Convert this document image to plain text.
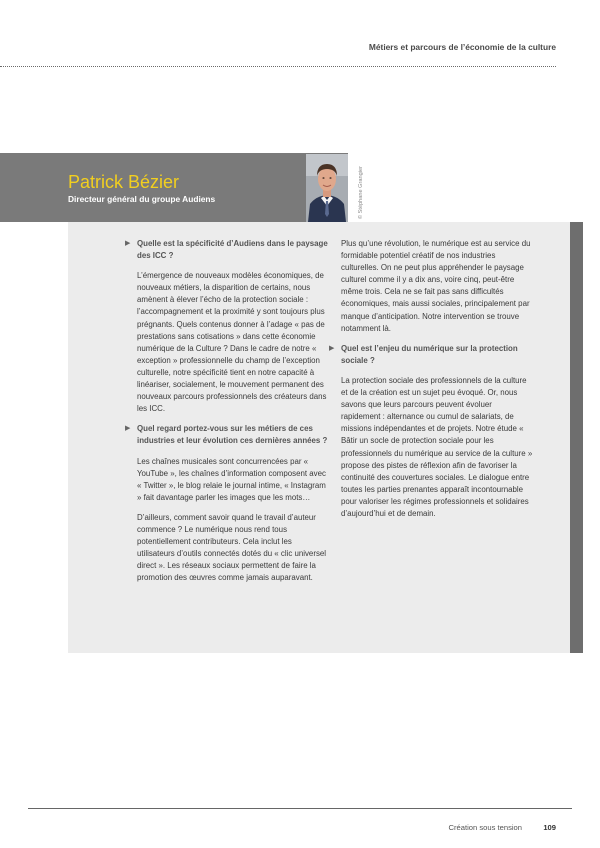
Métiers et parcours de l’économie de la culture
Patrick Bézier
Directeur général du groupe Audiens	© Stéphane Grangier
▶ Quelle est la spécificité d’Audiens dans le paysage des ICC ?

L’émergence de nouveaux modèles économiques, de nouveaux métiers, la disparition de certains, nous amènent à élever l’écho de la protection sociale : l’accompagnement et la proximité y sont toujours plus prégnants. Quels contenus donner à l’adage « pas de prestations sans cotisations » dans cette économie numérique de la Culture ? Dans le cadre de notre « exception » professionnelle du champ de l’exception culturelle, notre spécificité tient en notre capacité à linéariser, socialement, le mouvement permanent des nouveaux parcours professionnels des créateurs dans les ICC.

▶ Quel regard portez-vous sur les métiers de ces industries et leur évolution ces dernières années ?

Les chaînes musicales sont concurrencées par « YouTube », les chaînes d’information composent avec « Twitter », le blog relaie le journal intime, « Instagram » fait davantage parler les images que les mots…

D’ailleurs, comment savoir quand le travail d’auteur commence ? Le numérique nous rend tous potentiellement contributeurs. Cela inclut les utilisateurs d’outils connectés dotés du « clic universel direct ». Les réseaux sociaux permettent de faire la promotion des œuvres comme jamais auparavant.

Plus qu’une révolution, le numérique est au service du formidable potentiel créatif de nos industries culturelles. On ne peut plus appréhender le paysage culturel comme il y a dix ans, voire cinq, peut-être même trois. Cela ne se fait pas sans difficultés économiques, mais aussi sociales, principalement par manque d’anticipation. Notre intervention se trouve notamment là.

▶ Quel est l’enjeu du numérique sur la protection sociale ?

La protection sociale des professionnels de la culture et de la création est un sujet peu évoqué. Or, nous savons que leurs parcours peuvent évoluer rapidement : alternance ou cumul de salariats, de missions indépendantes et de projets. Notre étude « Bâtir un socle de protection sociale pour les professionnels du numérique au service de la culture » propose des pistes de réflexion afin de favoriser la continuité des couvertures sociales. Le dialogue entre toutes les parties prenantes apparaît incontournable pour valoriser les régimes professionnels et solidaires d’aujourd’hui et de demain.

Création sous tension	109
